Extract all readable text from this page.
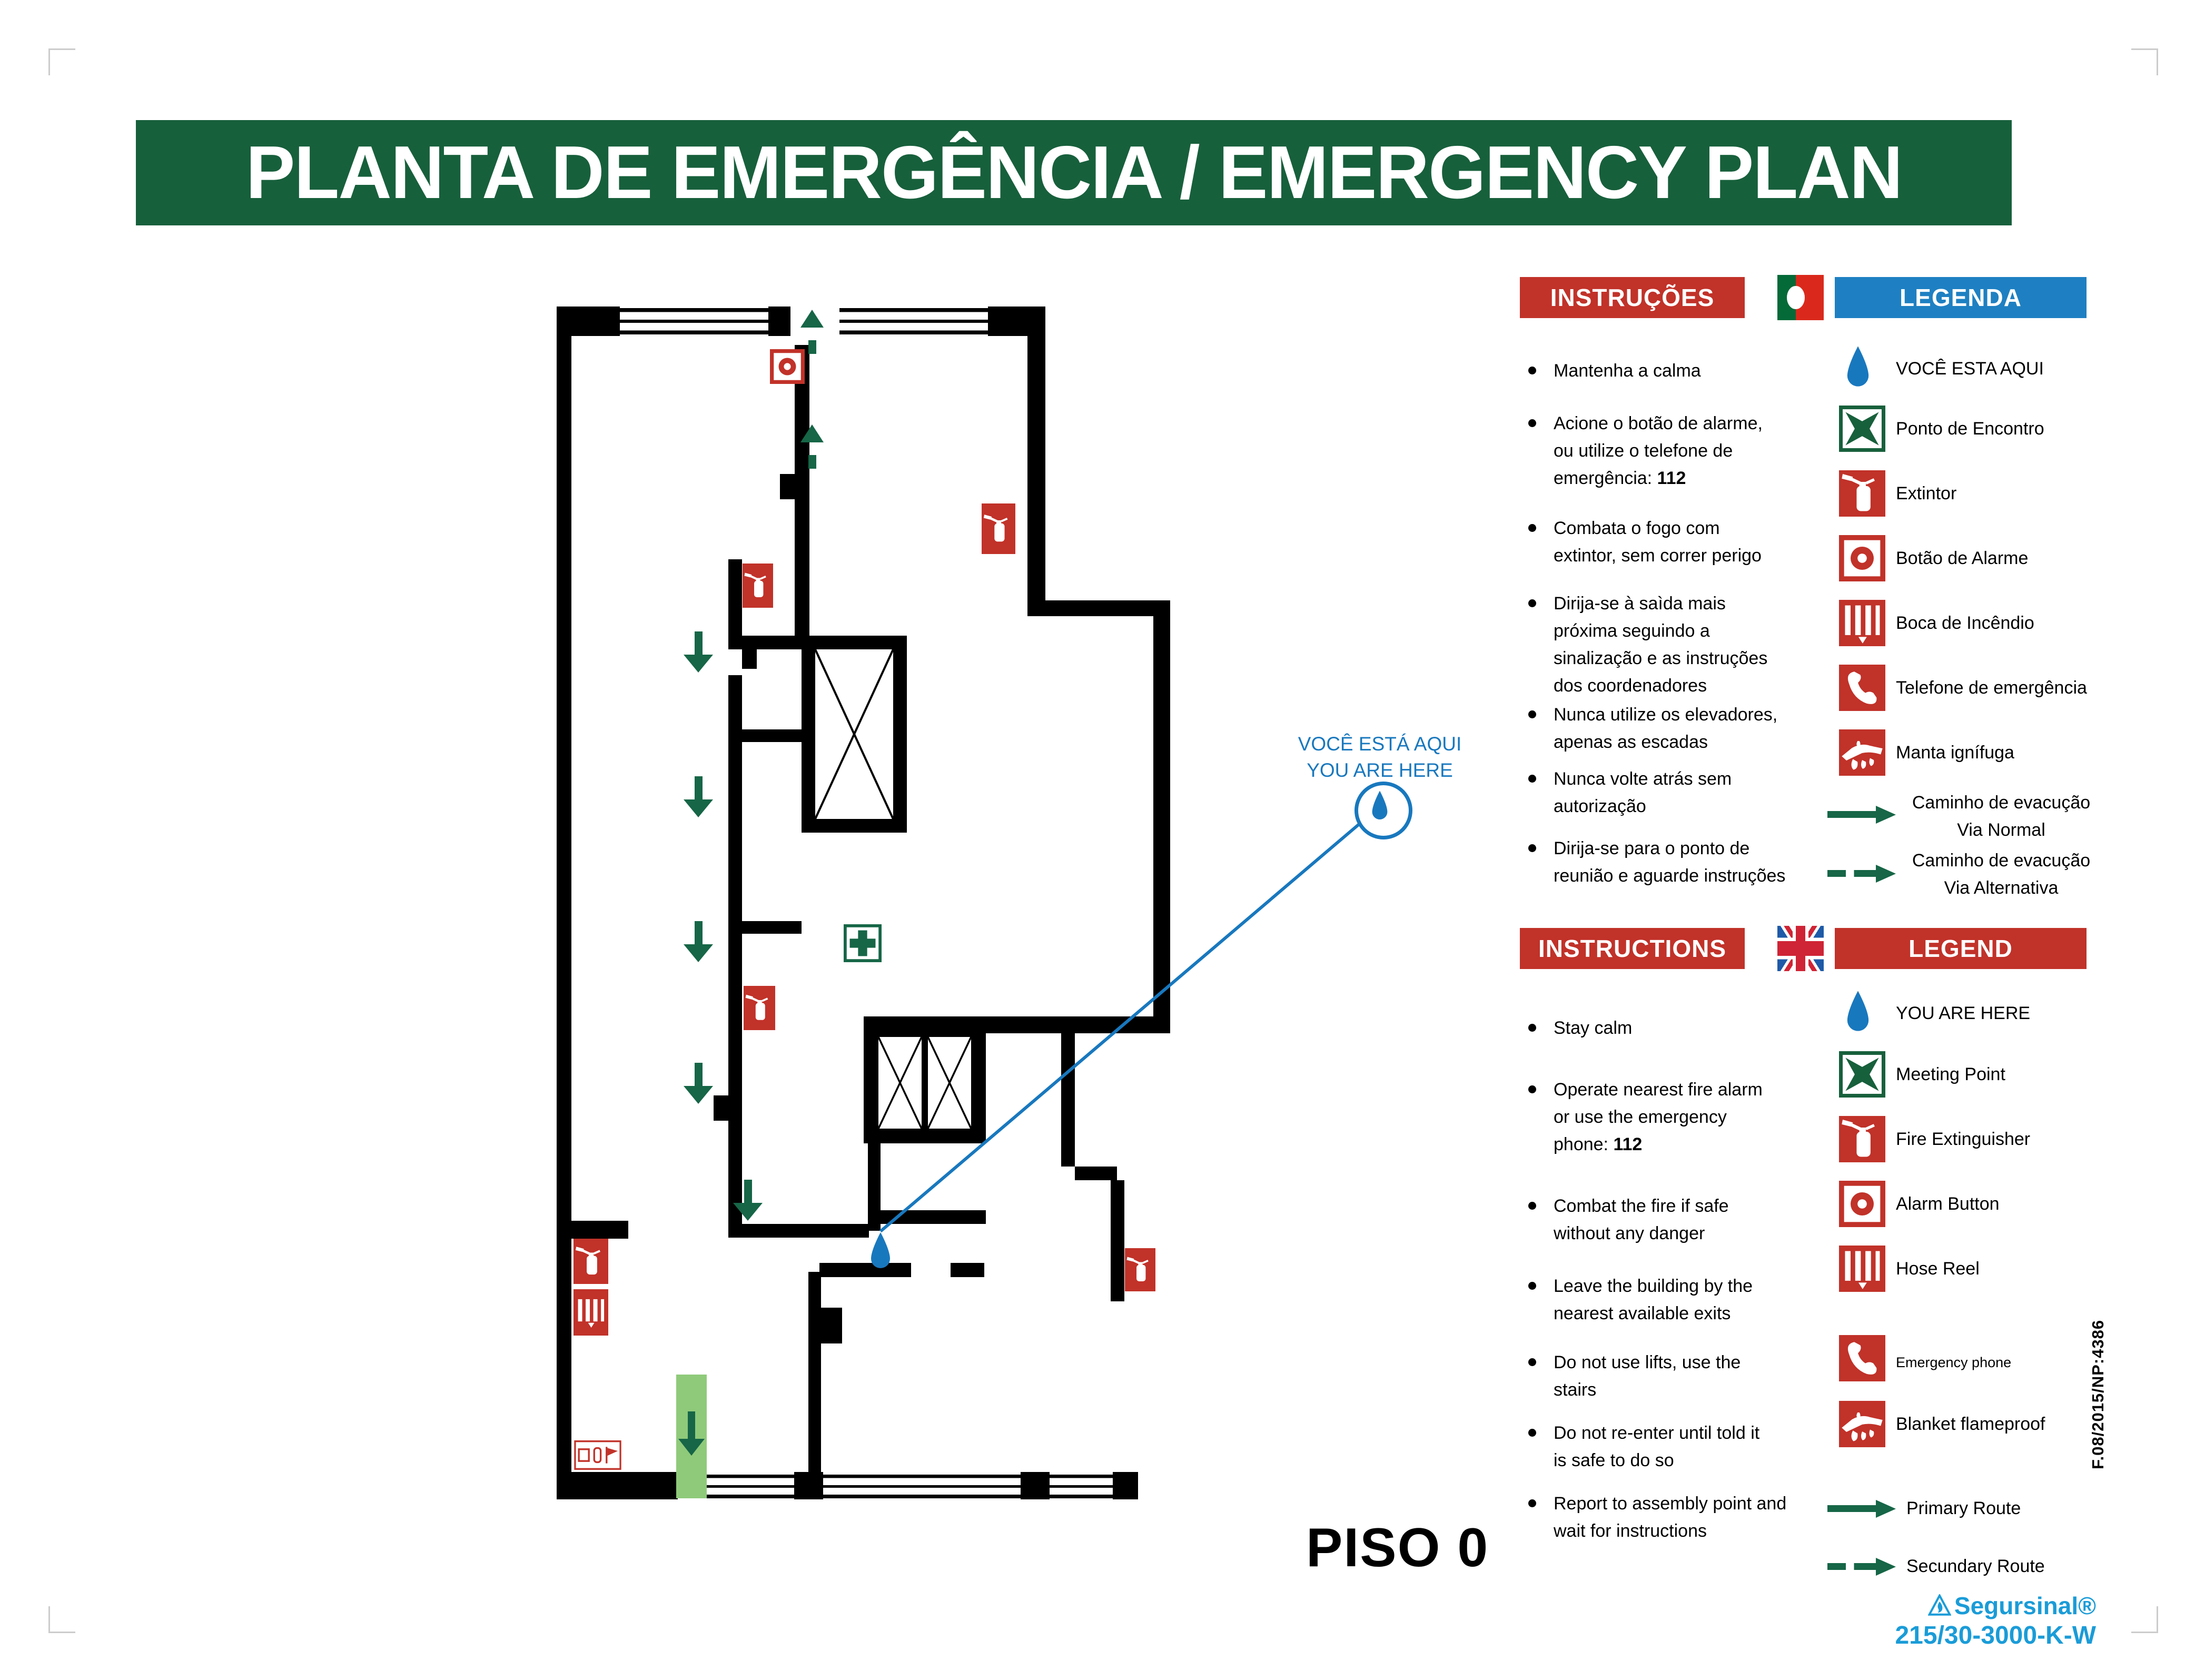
PLANTA DE EMERGÊNCIA / EMERGENCY PLAN
VOCÊ ESTÁ AQUI
YOU ARE HERE
INSTRUÇÕES	LEGENDA
Mantenha a calma
Acione o botão de alarme,
ou utilize o telefone de
emergência: 112
Combata o fogo com
extintor, sem correr perigo
Dirija-se à saìda mais
próxima seguindo a
sinalização e as instruções
dos coordenadores
Nunca utilize os elevadores,
apenas as escadas
Nunca volte atrás sem
autorização
Dirija-se para o ponto de
reunião e aguarde instruções
VOCÊ ESTA AQUI
Ponto de Encontro
Extintor
Botão de Alarme
Boca de Incêndio
Telefone de emergência
Manta ignífuga
Caminho de evacução
Via Normal
Caminho de evacução
Via Alternativa
INSTRUCTIONS	LEGEND
Stay calm
Operate nearest fire alarm
or use the emergency
phone: 112
Combat the fire if safe
without any danger
Leave the building by the
nearest available exits
Do not use lifts, use the
stairs
Do not re-enter until told it
is safe to do so
Report to assembly point and
wait for instructions
YOU ARE HERE
Meeting Point
Fire Extinguisher
Alarm Button
Hose Reel
Emergency phone
Blanket flameproof
Primary Route
Secundary Route
PISO 0
F.08/2015/NP:4386
Segursinal®
215/30-3000-K-W
